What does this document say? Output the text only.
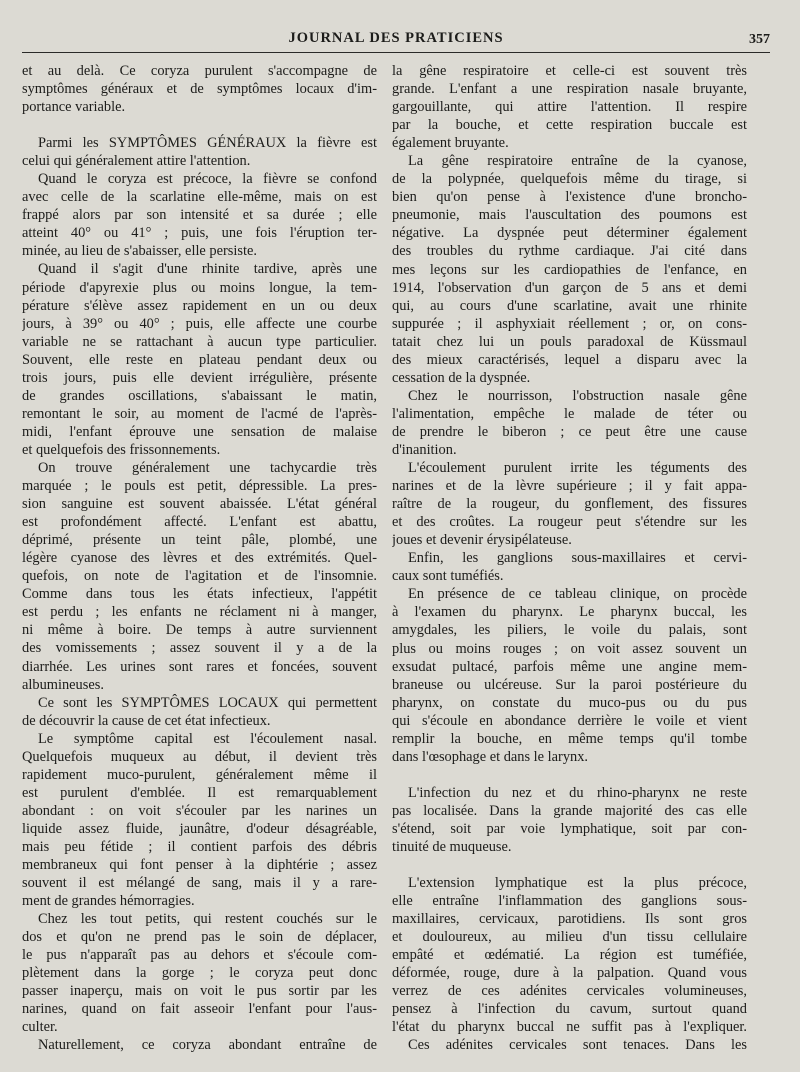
JOURNAL DES PRATICIENS	357
et au delà. Ce coryza purulent s'accompagne de
symptômes généraux et de symptômes locaux d'im-
portance variable.
Parmi les SYMPTÔMES GÉNÉRAUX la fièvre est
celui qui généralement attire l'attention.
Quand le coryza est précoce, la fièvre se confond
avec celle de la scarlatine elle-même, mais on est
frappé alors par son intensité et sa durée ; elle
atteint 40° ou 41° ; puis, une fois l'éruption ter-
minée, au lieu de s'abaisser, elle persiste.
Quand il s'agit d'une rhinite tardive, après une
période d'apyrexie plus ou moins longue, la tem-
pérature s'élève assez rapidement en un ou deux
jours, à 39° ou 40° ; puis, elle affecte une courbe
variable ne se rattachant à aucun type particulier.
Souvent, elle reste en plateau pendant deux ou
trois jours, puis elle devient irrégulière, présente
de grandes oscillations, s'abaissant le matin,
remontant le soir, au moment de l'acmé de l'après-
midi, l'enfant éprouve une sensation de malaise
et quelquefois des frissonnements.
On trouve généralement une tachycardie très
marquée ; le pouls est petit, dépressible. La pres-
sion sanguine est souvent abaissée. L'état général
est profondément affecté. L'enfant est abattu,
déprimé, présente un teint pâle, plombé, une
légère cyanose des lèvres et des extrémités. Quel-
quefois, on note de l'agitation et de l'insomnie.
Comme dans tous les états infectieux, l'appétit
est perdu ; les enfants ne réclament ni à manger,
ni même à boire. De temps à autre surviennent
des vomissements ; assez souvent il y a de la
diarrhée. Les urines sont rares et foncées, souvent
albumineuses.
Ce sont les SYMPTÔMES LOCAUX qui permettent
de découvrir la cause de cet état infectieux.
Le symptôme capital est l'écoulement nasal.
Quelquefois muqueux au début, il devient très
rapidement muco-purulent, généralement même il
est purulent d'emblée. Il est remarquablement
abondant : on voit s'écouler par les narines un
liquide assez fluide, jaunâtre, d'odeur désagréable,
mais peu fétide ; il contient parfois des débris
membraneux qui font penser à la diphtérie ; assez
souvent il est mélangé de sang, mais il y a rare-
ment de grandes hémorragies.
Chez les tout petits, qui restent couchés sur le
dos et qu'on ne prend pas le soin de déplacer,
le pus n'apparaît pas au dehors et s'écoule com-
plètement dans la gorge ; le coryza peut donc
passer inaperçu, mais on voit le pus sortir par les
narines, quand on fait asseoir l'enfant pour l'aus-
culter.
Naturellement, ce coryza abondant entraîne de
la gêne respiratoire et celle-ci est souvent très
grande. L'enfant a une respiration nasale bruyante,
gargouillante, qui attire l'attention. Il respire
par la bouche, et cette respiration buccale est
également bruyante.
La gêne respiratoire entraîne de la cyanose,
de la polypnée, quelquefois même du tirage, si
bien qu'on pense à l'existence d'une broncho-
pneumonie, mais l'auscultation des poumons est
négative. La dyspnée peut déterminer également
des troubles du rythme cardiaque. J'ai cité dans
mes leçons sur les cardiopathies de l'enfance, en
1914, l'observation d'un garçon de 5 ans et demi
qui, au cours d'une scarlatine, avait une rhinite
suppurée ; il asphyxiait réellement ; or, on cons-
tatait chez lui un pouls paradoxal de Küssmaul
des mieux caractérisés, lequel a disparu avec la
cessation de la dyspnée.
Chez le nourrisson, l'obstruction nasale gêne
l'alimentation, empêche le malade de téter ou
de prendre le biberon ; ce peut être une cause
d'inanition.
L'écoulement purulent irrite les téguments des
narines et de la lèvre supérieure ; il y fait appa-
raître de la rougeur, du gonflement, des fissures
et des croûtes. La rougeur peut s'étendre sur les
joues et devenir érysipélateuse.
Enfin, les ganglions sous-maxillaires et cervi-
caux sont tuméfiés.
En présence de ce tableau clinique, on procède
à l'examen du pharynx. Le pharynx buccal, les
amygdales, les piliers, le voile du palais, sont
plus ou moins rouges ; on voit assez souvent un
exsudat pultacé, parfois même une angine mem-
braneuse ou ulcéreuse. Sur la paroi postérieure du
pharynx, on constate du muco-pus ou du pus
qui s'écoule en abondance derrière le voile et vient
remplir la bouche, en même temps qu'il tombe
dans l'œsophage et dans le larynx.
L'infection du nez et du rhino-pharynx ne reste
pas localisée. Dans la grande majorité des cas elle
s'étend, soit par voie lymphatique, soit par con-
tinuité de muqueuse.
L'extension lymphatique est la plus précoce,
elle entraîne l'inflammation des ganglions sous-
maxillaires, cervicaux, parotidiens. Ils sont gros
et douloureux, au milieu d'un tissu cellulaire
empâté et œdématié. La région est tuméfiée,
déformée, rouge, dure à la palpation. Quand vous
verrez de ces adénites cervicales volumineuses,
pensez à l'infection du cavum, surtout quand
l'état du pharynx buccal ne suffit pas à l'expliquer.
Ces adénites cervicales sont tenaces. Dans les
